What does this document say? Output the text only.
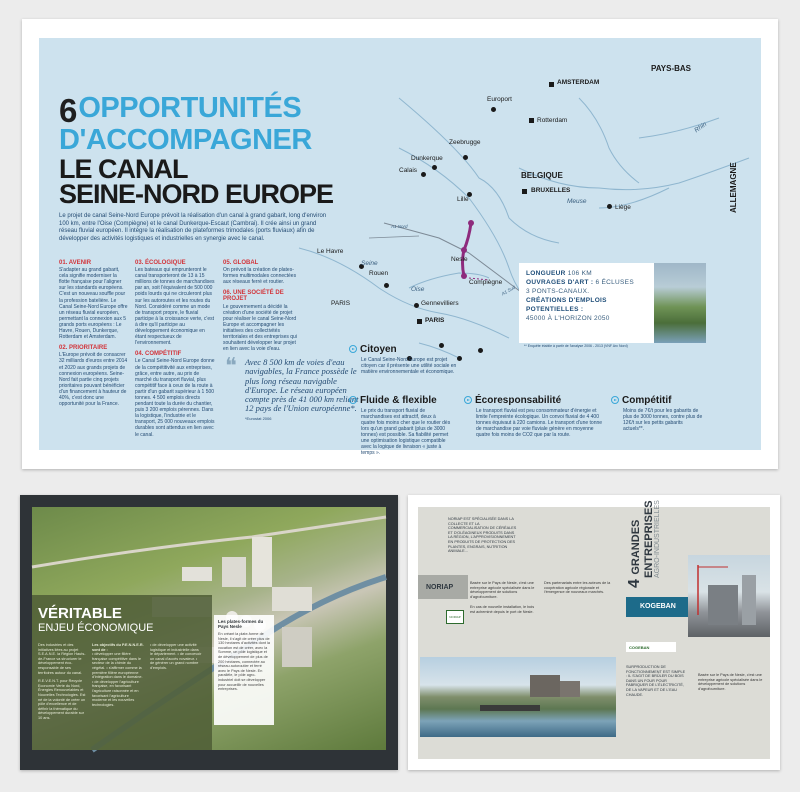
PAYS-BAS
BELGIQUE	ALLEMAGNE
AMSTERDAM
Europort
Rotterdam
Zeebrugge
Dunkerque
Calais
Lille
BRUXELLES
Liège
Le Havre
Rouen
PARIS
Nesle
Compiègne
Gennevilliers
PARIS
Rhin
Meuse
Seine
Oise
A1 Nord
A1 Sud
6 OPPORTUNITÉS
D'ACCOMPAGNER
LE CANAL
SEINE-NORD EUROPE
Le projet de canal Seine-Nord Europe prévoit la réalisation d'un canal à grand gabarit, long d'environ 100 km, entre l'Oise (Compiègne) et le canal Dunkerque-Escaut (Cambrai). Il crée ainsi un grand réseau fluvial européen. Il intègre la réalisation de plateformes trimodales (ports fluviaux) afin de développer des activités logistiques et industrielles en synergie avec le canal.
01. AVENIR

S'adapter au grand gabarit, cela signifie moderniser la flotte française pour l'aligner sur les standards européens. C'est un nouveau souffle pour la profession batelière. Le Canal Seine-Nord Europe offre un réseau fluvial européen, permettant la connexion aux 5 grands ports européens : Le Havre, Rouen, Dunkerque, Rotterdam et Amsterdam.

02. PRIORITAIRE

L'Europe prévoit de consacrer 32 milliards d'euros entre 2014 et 2020 aux grands projets de connexion européens. Seine-Nord fait partie cinq projets prioritaires pouvant bénéficier d'un financement à hauteur de 40%, c'est donc une opportunité pour la France.

03. ÉCOLOGIQUE

Les bateaux qui emprunteront le canal transporteront de 13 à 15 millions de tonnes de marchandises par an, soit l'équivalent de 500 000 poids lourds qui ne circuleront plus sur les autoroutes et les routes du Nord. Considéré comme un mode de transport propre, le fluvial participe à la croissance verte, c'est à dire qu'il participe au développement économique en étant respectueux de l'environnement.

04. COMPÉTITIF

Le Canal Seine-Nord Europe donne de la compétitivité aux entreprises, grâce, entre autre, au prix de marché du transport fluvial, plus compétitif face à ceux de la route à partir d'un gabarit supérieur à 1 500 tonnes. 4 500 emplois directs pendant toute la durée du chantier, puis 3 200 emplois pérennes. Dans la logistique, l'industrie et le transport, 25 000 nouveaux emplois durables sont attendus en lien avec le canal.

05. GLOBAL

On prévoit la création de plates-formes multimodales connectées aux réseaux ferré et routier.

06. UNE SOCIÉTÉ DE PROJET

Le gouvernement a décidé la création d'une société de projet pour réaliser le canal Seine-Nord Europe et accompagner les initiatives des collectivités territoriales et des entreprises qui souhaitent développer leur projet en lien avec la voie d'eau.

❝ Avec 8 500 km de voies d'eau navigables, la France possède le plus long réseau navigable d'Europe. Le réseau européen compte près de 41 000 km reliant 12 pays de l'Union européenne*.
*Eurostat 2006
LONGUEUR 106 KM
OUVRAGES D'ART : 6 ÉCLUSES
3 PONTS-CANAUX.
CRÉATIONS D'EMPLOIS
POTENTIELLES :
45000 À L'HORIZON 2050
** Enquête établie à partir de l'analyse 2006 - 2013 (VNF Arc Nord)
Citoyen
Le Canal Seine-Nord Europe est projet citoyen car il présente une utilité sociale en matière environnementale et économique.
Fluide & flexible
Le prix du transport fluvial de marchandises est attractif, deux à quatre fois moins cher que le routier dès lors qu'un grand gabarit (plus de 3000 tonnes) est possible. Sa fiabilité permet une optimisation logistique compatible avec la logique de livraison « juste à temps ».
Écoresponsabilité
Le transport fluvial est peu consommateur d'énergie et limite l'empreinte écologique. Un convoi fluvial de 4 400 tonnes équivaut à 220 camions. Le transport d'une tonne de marchandise par voie fluviale génère en moyenne quatre fois moins de CO2 que par la route.
Compétitif
Moins de 7€/t pour les gabarits de plus de 3000 tonnes, contre plus de 12€/t sur les petits gabarits actuels**.
VÉRITABLE
ENJEU ÉCONOMIQUE

Des industries et des initiatives liées au projet S.E.A.N.E. la Région Hauts-de-France va structurer le développement éco-responsable de ses territoires autour du canal.

R.E.V.E.N.T. pour Recycle Economie Verte du Nord, Énergies Renouvelables et Nouvelles Technologies. Est né de la volonté de créer un pôle d'excellence et de définir la thématique du développement durable sur 10 ans.

Les objectifs du P.E.N.N.E.R. sont de :

• développer une filière française compétitive dans le secteur de la chimie du végétal. • s'affirmer comme la première filière européenne d'intégration dans le domaine. • de développer l'agriculture française, en favorisant l'agriculture raisonnée et en favorisant l'agriculture moderne et les nouvelles technologies.

• de développer une activité logistique et industrielle dans le département. • de concevoir un canal d'accès novateur. • de générer un grand nombre d'emplois.
Les plates-formes du Pays Nesle
En créant la plate-forme de Nesle, il s'agit de créer plus de 130 hectares d'activités dont la vocation est de créer, avec la Somme, un pôle logistique et de développement de plus de 200 hectares, connectée au réseau autoroutier et ferré avec le Pays de Nesle. En parallèle, le pôle agro-industriel doit se développer pour accueillir de nouvelles entreprises.
4 GRANDES ENTREPRISES AGRO-INDUSTRIELLES
NORIAP EST SPÉCIALISÉE DANS LA COLLECTE ET LA COMMERCIALISATION DE CÉRÉALES ET D'OLÉAGINEUX PRODUITS DANS LA RÉGION, L'APPROVISIONNEMENT EN PRODUITS DE PROTECTION DES PLANTES, ENGRAIS, NUTRITION ANIMALE...
NORIAP
Basée sur le Pays de Nesle, c'est une entreprise agricole spécialisée dans le développement de solutions d'agrofourniture.
Des partenariats entre les acteurs de la coopération agricole régionale et l'émergence de nouveaux marchés.
En cas de nouvelle installation, le bois est acheminé depuis le port de Nesle.
NORIAP
KOGEBAN
COGEBAN
SURPRODUCTION DE FONCTIONNEMENT EST SIMPLE : IL S'AGIT DE BRÛLER DU BOIS DANS UN FOUR POUR FABRIQUER DE L'ÉLECTRICITÉ, DE LA VAPEUR ET DE L'EAU CHAUDE.
Basée sur le Pays de Nesle, c'est une entreprise agricole spécialisée dans le développement de solutions d'agrofourniture.
